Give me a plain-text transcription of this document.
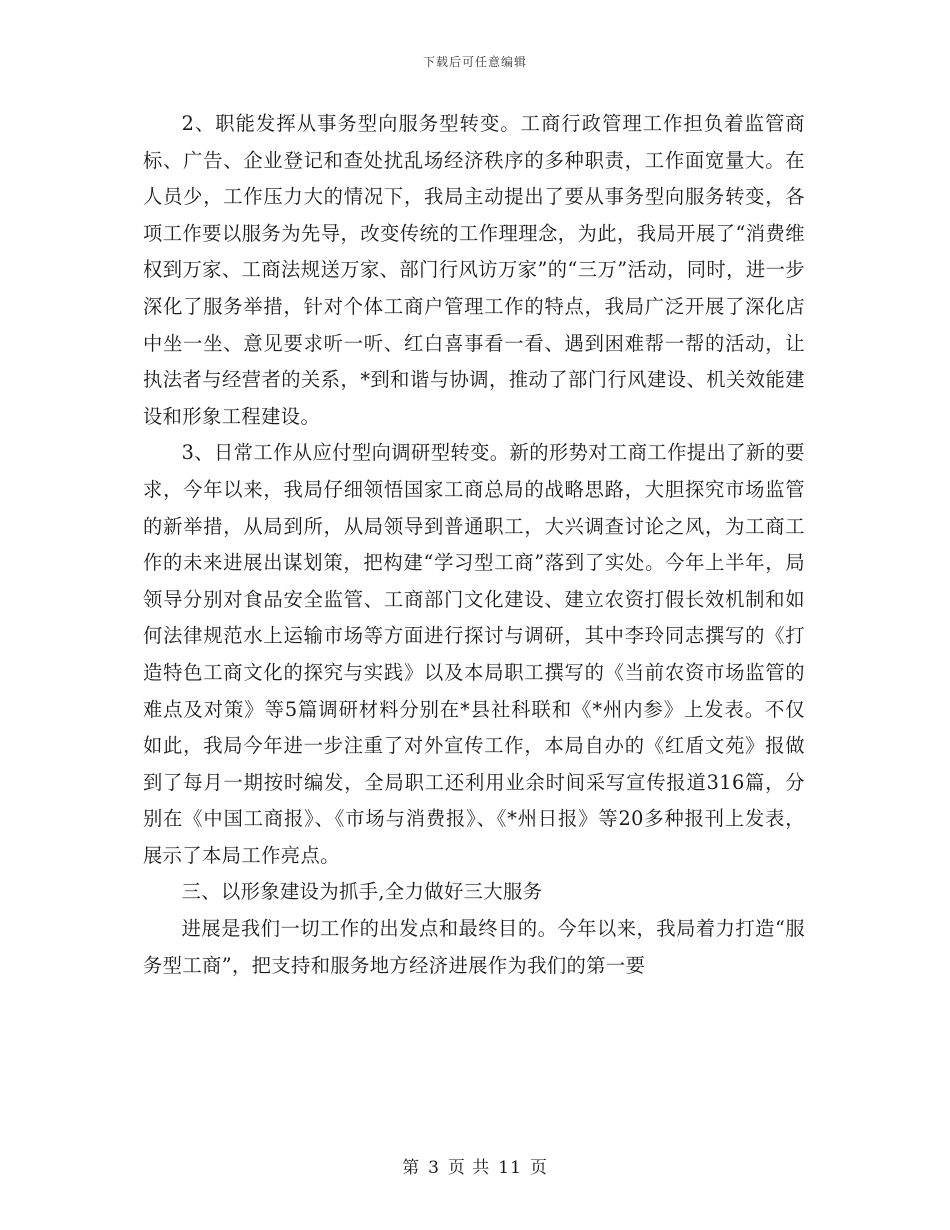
下载后可任意编辑

2、职能发挥从事务型向服务型转变。工商行政管理工作担负着监管商标、广告、企业登记和查处扰乱场经济秩序的多种职责，工作面宽量大。在人员少，工作压力大的情况下，我局主动提出了要从事务型向服务转变，各项工作要以服务为先导，改变传统的工作理理念，为此，我局开展了“消费维权到万家、工商法规送万家、部门行风访万家”的“三万”活动，同时，进一步深化了服务举措，针对个体工商户管理工作的特点，我局广泛开展了深化店中坐一坐、意见要求听一听、红白喜事看一看、遇到困难帮一帮的活动，让执法者与经营者的关系，*到和谐与协调，推动了部门行风建设、机关效能建设和形象工程建设。

3、日常工作从应付型向调研型转变。新的形势对工商工作提出了新的要求，今年以来，我局仔细领悟国家工商总局的战略思路，大胆探究市场监管的新举措，从局到所，从局领导到普通职工，大兴调查讨论之风，为工商工作的未来进展出谋划策，把构建“学习型工商”落到了实处。今年上半年，局领导分别对食品安全监管、工商部门文化建设、建立农资打假长效机制和如何法律规范水上运输市场等方面进行探讨与调研，其中李玲同志撰写的《打造特色工商文化的探究与实践》以及本局职工撰写的《当前农资市场监管的难点及对策》等5篇调研材料分别在*县社科联和《*州内参》上发表。不仅如此，我局今年进一步注重了对外宣传工作，本局自办的《红盾文苑》报做到了每月一期按时编发，全局职工还利用业余时间采写宣传报道316篇，分别在《中国工商报》、《市场与消费报》、《*州日报》等20多种报刊上发表，展示了本局工作亮点。

三、以形象建设为抓手,全力做好三大服务

进展是我们一切工作的出发点和最终目的。今年以来，我局着力打造“服务型工商”，把支持和服务地方经济进展作为我们的第一要

第 3 页 共 11 页
